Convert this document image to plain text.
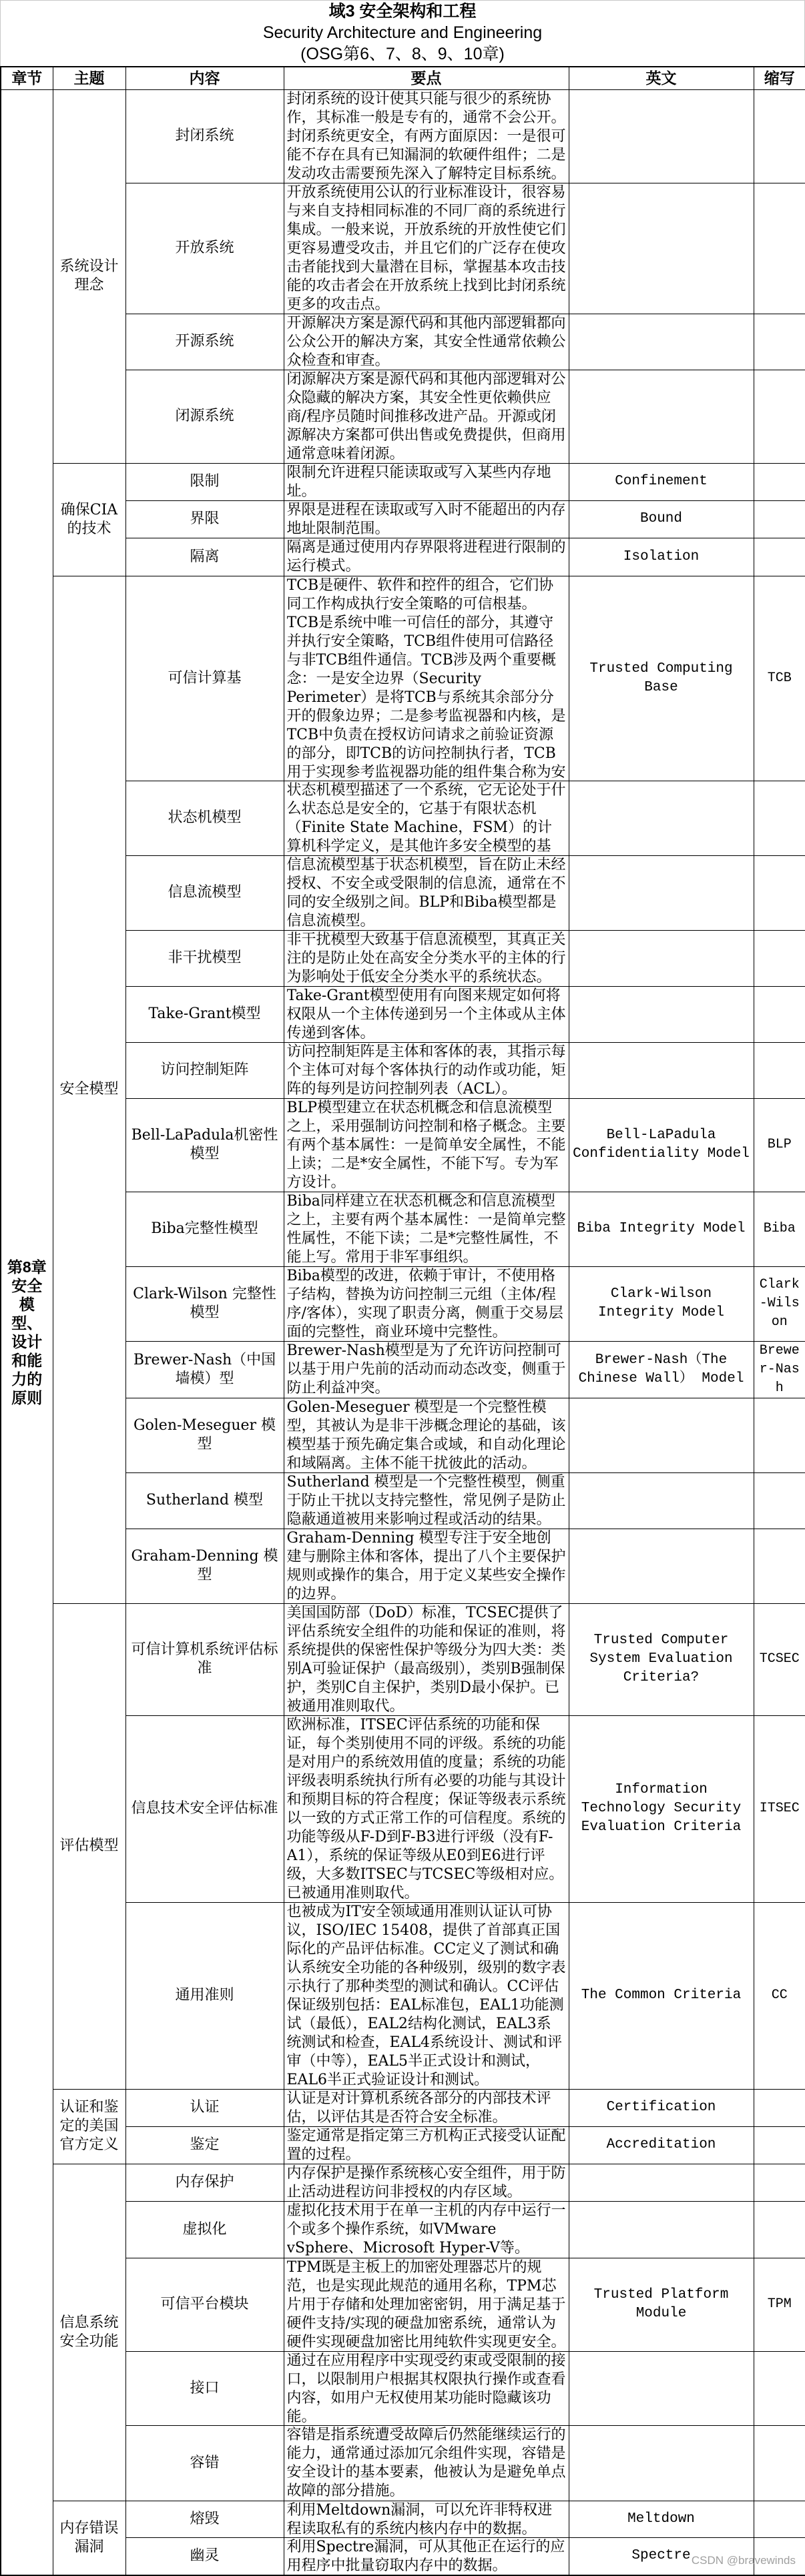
域3 安全架构和工程
Security Architecture and Engineering
(OSG第6、7、8、9、10章)
章节	主题	内容	要点	英文	缩写
第8章安全模型、设计和能力的原则	系统设计理念	封闭系统	封闭系统的设计使其只能与很少的系统协作，其标准一般是专有的，通常不会公开。封闭系统更安全，有两方面原因：一是很可能不存在具有已知漏洞的软硬件组件；二是发动攻击需要预先深入了解特定目标系统。		

		开放系统	开放系统使用公认的行业标准设计，很容易与来自支持相同标准的不同厂商的系统进行集成。一般来说，开放系统的开放性使它们更容易遭受攻击，并且它们的广泛存在使攻击者能找到大量潜在目标，掌握基本攻击技能的攻击者会在开放系统上找到比封闭系统更多的攻击点。		

		开源系统	开源解决方案是源代码和其他内部逻辑都向公众公开的解决方案，其安全性通常依赖公众检查和审查。		

		闭源系统	闭源解决方案是源代码和其他内部逻辑对公众隐藏的解决方案，其安全性更依赖供应商/程序员随时间推移改进产品。开源或闭源解决方案都可供出售或免费提供，但商用通常意味着闭源。		

	确保CIA的技术	限制	限制允许进程只能读取或写入某些内存地址。	Confinement	
		界限	界限是进程在读取或写入时不能超出的内存地址限制范围。	Bound	
		隔离	隔离是通过使用内存界限将进程进行限制的运行模式。	Isolation	
	安全模型	可信计算基	TCB是硬件、软件和控件的组合，它们协同工作构成执行安全策略的可信根基。TCB是系统中唯一可信任的部分，其遵守并执行安全策略，TCB组件使用可信路径与非TCB组件通信。TCB涉及两个重要概念：一是安全边界（Security Perimeter）是将TCB与系统其余部分分开的假象边界；二是参考监视器和内核，是TCB中负责在授权访问请求之前验证资源的部分，即TCB的访问控制执行者，TCB用于实现参考监视器功能的组件集合称为安	Trusted Computing Base	TCB
		状态机模型	状态机模型描述了一个系统，它无论处于什么状态总是安全的，它基于有限状态机（Finite State Machine，FSM）的计算机科学定义，是其他许多安全模型的基		

		信息流模型	信息流模型基于状态机模型，旨在防止未经授权、不安全或受限制的信息流，通常在不同的安全级别之间。BLP和Biba模型都是信息流模型。		

		非干扰模型	非干扰模型大致基于信息流模型，其真正关注的是防止处在高安全分类水平的主体的行为影响处于低安全分类水平的系统状态。		

		Take-Grant模型	Take-Grant模型使用有向图来规定如何将权限从一个主体传递到另一个主体或从主体传递到客体。		

		访问控制矩阵	访问控制矩阵是主体和客体的表，其指示每个主体可对每个客体执行的动作或功能，矩阵的每列是访问控制列表（ACL）。		

		Bell-LaPadula机密性模型	BLP模型建立在状态机概念和信息流模型之上，采用强制访问控制和格子概念。主要有两个基本属性：一是简单安全属性，不能上读；二是*安全属性，不能下写。专为军方设计。	Bell-LaPadula Confidentiality Model	BLP
		Biba完整性模型	Biba同样建立在状态机概念和信息流模型之上，主要有两个基本属性：一是简单完整性属性，不能下读；二是*完整性属性，不能上写。常用于非军事组织。	Biba Integrity Model	Biba
		Clark-Wilson 完整性模型	Biba模型的改进，依赖于审计，不使用格子结构，替换为访问控制三元组（主体/程序/客体），实现了职责分离，侧重于交易层面的完整性，商业环境中完整性。	Clark-Wilson Integrity Model	Clark-Wilson
		Brewer-Nash（中国墙模）型	Brewer-Nash模型是为了允许访问控制可以基于用户先前的活动而动态改变，侧重于防止利益冲突。	Brewer-Nash（The Chinese Wall） Model	Brewer-Nash
		Golen-Meseguer 模型	Golen-Meseguer 模型是一个完整性模型，其被认为是非干涉概念理论的基础，该模型基于预先确定集合或域，和自动化理论和域隔离。主体不能干扰彼此的活动。		

		Sutherland 模型	Sutherland 模型是一个完整性模型，侧重于防止干扰以支持完整性，常见例子是防止隐蔽通道被用来影响过程或活动的结果。		

		Graham-Denning 模型	Graham-Denning 模型专注于安全地创建与删除主体和客体，提出了八个主要保护规则或操作的集合，用于定义某些安全操作的边界。		

	评估模型	可信计算机系统评估标准	美国国防部（DoD）标准，TCSEC提供了评估系统安全组件的功能和保证的准则，将系统提供的保密性保护等级分为四大类：类别A可验证保护（最高级别），类别B强制保护，类别C自主保护，类别D最小保护。已被通用准则取代。	Trusted Computer System Evaluation Criteria?	TCSEC
		信息技术安全评估标准	欧洲标准，ITSEC评估系统的功能和保证，每个类别使用不同的评级。系统的功能是对用户的系统效用值的度量；系统的功能评级表明系统执行所有必要的功能与其设计和预期目标的符合程度；保证等级表示系统以一致的方式正常工作的可信程度。系统的功能等级从F-D到F-B3进行评级（没有F-A1），系统的保证等级从E0到E6进行评级，大多数ITSEC与TCSEC等级相对应。已被通用准则取代。	Information Technology Security Evaluation Criteria	ITSEC
		通用准则	也被成为IT安全领域通用准则认证认可协议，ISO/IEC 15408，提供了首部真正国际化的产品评估标准。CC定义了测试和确认系统安全功能的各种级别，级别的数字表示执行了那种类型的测试和确认。CC评估保证级别包括：EAL标准包，EAL1功能测试（最低），EAL2结构化测试，EAL3系统测试和检查，EAL4系统设计、测试和评审（中等），EAL5半正式设计和测试，EAL6半正式验证设计和测试。	The Common Criteria	CC
	认证和鉴定的美国官方定义	认证	认证是对计算机系统各部分的内部技术评估，以评估其是否符合安全标准。	Certification	
		鉴定	鉴定通常是指定第三方机构正式接受认证配置的过程。	Accreditation	
	信息系统安全功能	内存保护	内存保护是操作系统核心安全组件，用于防止活动进程访问非授权的内存区域。		

		虚拟化	虚拟化技术用于在单一主机的内存中运行一个或多个操作系统，如VMware vSphere、Microsoft Hyper-V等。		

		可信平台模块	TPM既是主板上的加密处理器芯片的规范，也是实现此规范的通用名称，TPM芯片用于存储和处理加密密钥，用于满足基于硬件支持/实现的硬盘加密系统，通常认为硬件实现硬盘加密比用纯软件实现更安全。	Trusted Platform Module	TPM
		接口	通过在应用程序中实现受约束或受限制的接口，以限制用户根据其权限执行操作或查看内容，如用户无权使用某功能时隐藏该功能。		

		容错	容错是指系统遭受故障后仍然能继续运行的能力，通常通过添加冗余组件实现，容错是安全设计的基本要素，他被认为是避免单点故障的部分措施。		

	内存错误漏洞	熔毁	利用Meltdown漏洞，可以允许非特权进程读取私有的系统内核内存中的数据。	Meltdown	
		幽灵	利用Spectre漏洞，可从其他正在运行的应用程序中批量窃取内存中的数据。	Spectre	CSDN @bravewinds
